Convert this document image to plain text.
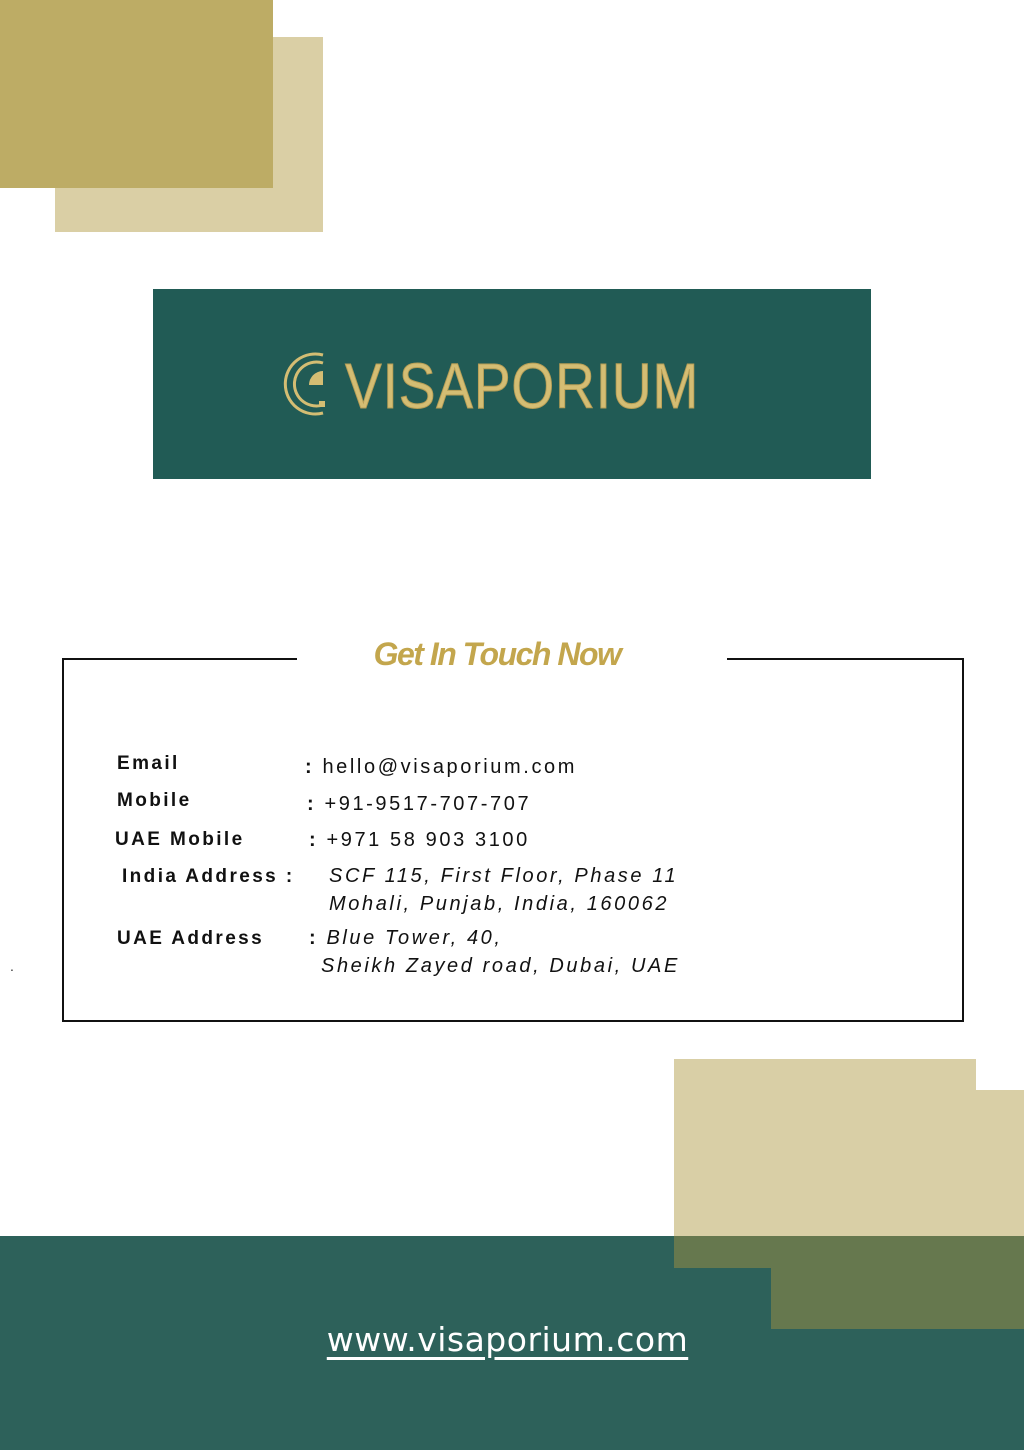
VISAPORIUM
Get In Touch Now
Email	: hello@visaporium.com
Mobile	: +91-9517-707-707
UAE Mobile	: +971 58 903 3100
India Address : SCF 115, First Floor, Phase 11
Mohali, Punjab, India, 160062
UAE Address : Blue Tower, 40,
Sheikh Zayed road, Dubai, UAE
.
www.visaporium.com
